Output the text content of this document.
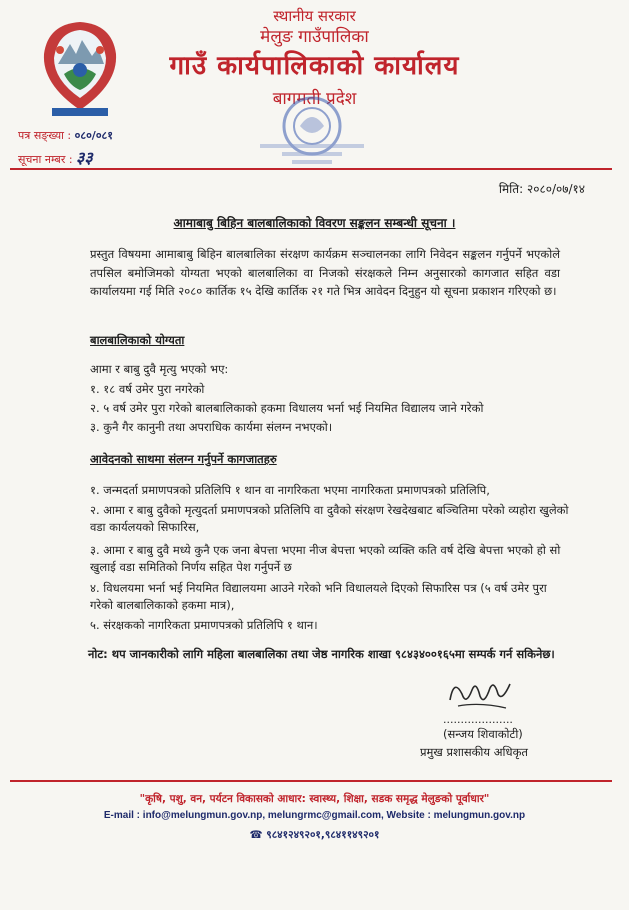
स्थानीय सरकार
मेलुङ गाउँपालिका
गाउँ कार्यपालिकाको कार्यालय
बागमती प्रदेश
पत्र सङ्ख्या : ०८०/०८१
सूचना नम्बर : ३३
मिति: २०८०/०७/१४
आमाबाबु बिहिन बालबालिकाको विवरण सङ्कलन सम्बन्धी सूचना ।
प्रस्तुत विषयमा आमाबाबु बिहिन बालबालिका संरक्षण कार्यक्रम सञ्चालनका लागि निवेदन सङ्कलन गर्नुपर्ने भएकोले तपसिल बमोजिमको योग्यता भएको बालबालिका वा निजको संरक्षकले निम्न अनुसारको कागजात सहित वडा कार्यालयमा गई मिति २०८० कार्तिक १५ देखि कार्तिक २१ गते भित्र आवेदन दिनुहुन यो सूचना प्रकाशन गरिएको छ।
बालबालिकाको योग्यता
आमा र बाबु दुवै मृत्यु भएको भए:
१. १८ वर्ष उमेर पुरा नगरेको
२. ५ वर्ष उमेर पुरा गरेको बालबालिकाको हकमा विधालय भर्ना भई नियमित विद्यालय जाने गरेको
३. कुनै गैर कानुनी तथा अपराधिक कार्यमा संलग्न नभएको।
आवेदनको साथमा संलग्न गर्नुपर्ने कागजातहरु
१. जन्मदर्ता प्रमाणपत्रको प्रतिलिपि १ थान वा नागरिकता भएमा नागरिकता प्रमाणपत्रको प्रतिलिपि,
२. आमा र बाबु दुवैको मृत्युदर्ता प्रमाणपत्रको प्रतिलिपि वा दुवैको संरक्षण रेखदेखबाट बञ्चितिमा परेको व्यहोरा खुलेको वडा कार्यलयको सिफारिस,
३. आमा र बाबु दुवै मध्ये कुनै एक जना बेपत्ता भएमा नीज बेपत्ता भएको व्यक्ति कति वर्ष देखि बेपत्ता भएको हो सो खुलाई वडा समितिको निर्णय सहित पेश गर्नुपर्ने छ
४. विधलयमा भर्ना भई नियमित विद्यालयमा आउने गरेको भनि विधालयले दिएको सिफारिस पत्र (५ वर्ष उमेर पुरा गरेको बालबालिकाको हकमा मात्र),
५. संरक्षकको नागरिकता प्रमाणपत्रको प्रतिलिपि १ थान।
नोट: थप जानकारीको लागि महिला बालबालिका तथा जेष्ठ नागरिक शाखा ९८४३४००१६५मा सम्पर्क गर्न सकिनेछ।
....................
(सन्जय शिवाकोटी)
प्रमुख प्रशासकीय अधिकृत
"कृषि, पशु, वन, पर्यटन विकासको आधार: स्वास्थ्य, शिक्षा, सडक समृद्ध मेलुङको पूर्वाधार"
E-mail : info@melungmun.gov.np, melungrmc@gmail.com, Website : melungmun.gov.np
☎ ९८४१२४९२०१,९८४११४९२०१
